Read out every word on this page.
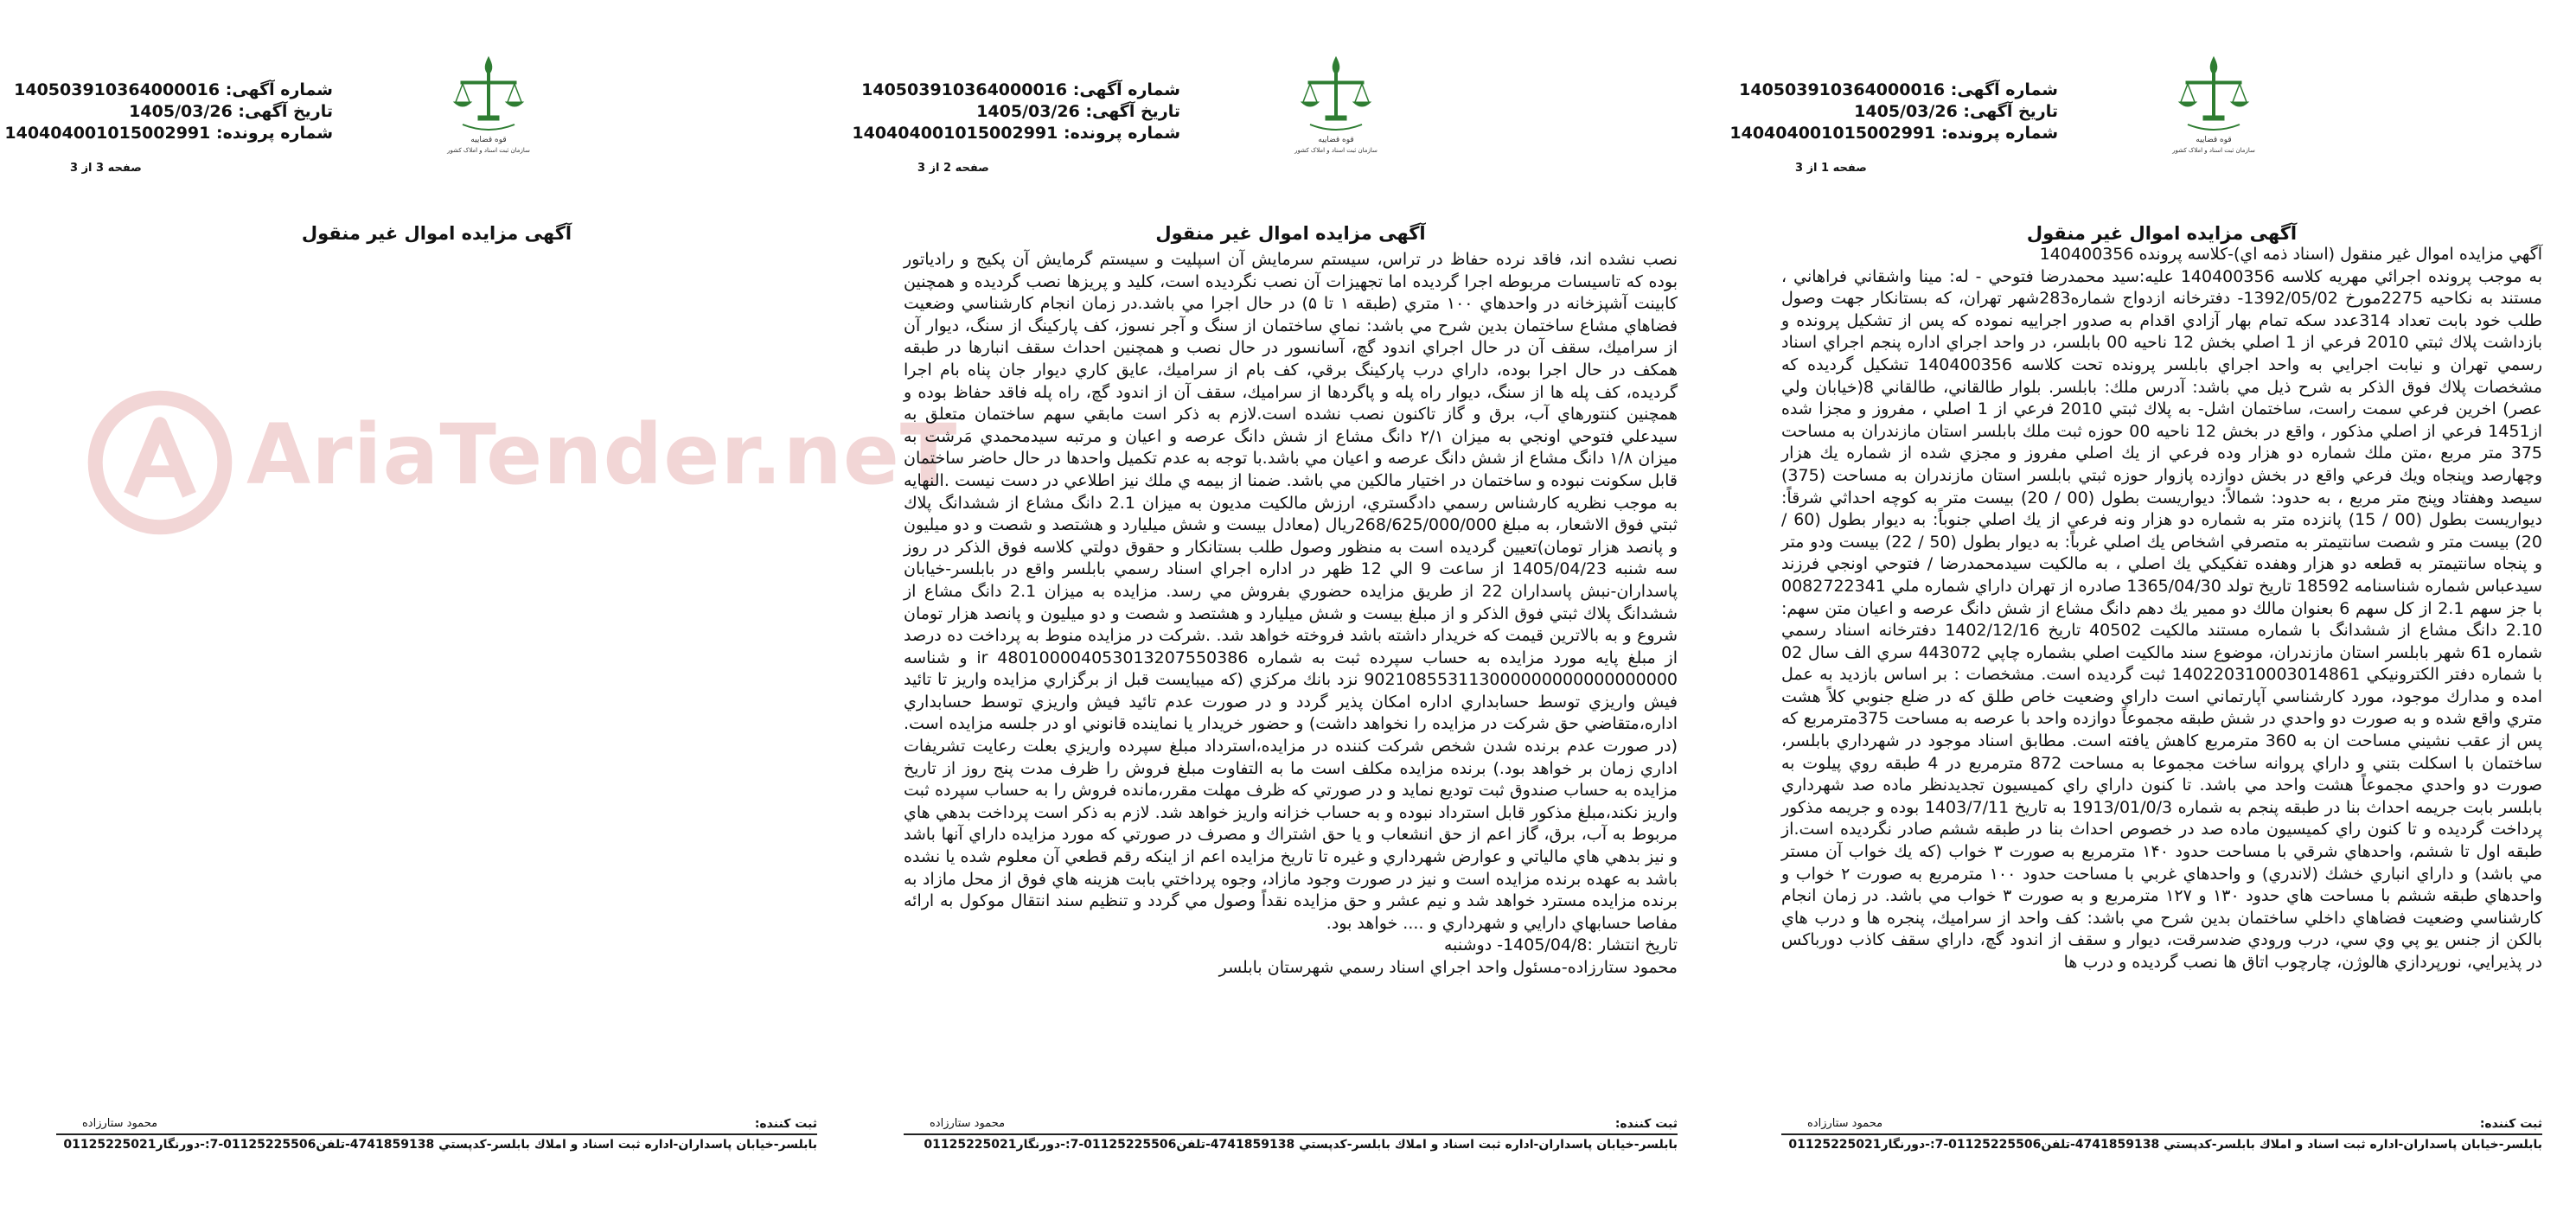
AriaTender.neT
قوه قضاییه
سازمان ثبت اسناد و املاک کشور
شماره آگهی: 140503910364000016
تاریخ آگهی: 1405/03/26
شماره پرونده: 140404001015002991
صفحه 1 از 3
آگهی مزایده اموال غیر منقول
آگهي مزايده اموال غير منقول (اسناد ذمه اي)-كلاسه پرونده 140400356
به موجب پرونده اجرائي مهريه كلاسه 140400356 عليه:سيد محمدرضا فتوحي - له: مينا واشقاني فراهاني ، مستند به نكاحيه 2275مورخ 1392/05/02- دفترخانه ازدواج شماره283شهر تهران، كه بستانكار جهت وصول طلب خود بابت تعداد 314عدد سكه تمام بهار آزادي اقدام به صدور اجراييه نموده كه پس از تشكيل پرونده و بازداشت پلاك ثبتي 2010 فرعي از 1 اصلي بخش 12 ناحيه 00 بابلسر، در واحد اجراي اداره پنجم اجراي اسناد رسمي تهران و نيابت اجرايي به واحد اجراي بابلسر پرونده تحت كلاسه 140400356 تشكيل گرديده كه مشخصات پلاك فوق الذكر به شرح ذيل مي باشد: آدرس ملك: بابلسر. بلوار طالقاني، طالقاني 8(خيابان ولي عصر) اخرين فرعي سمت راست، ساختمان اشل- به پلاك ثبتي 2010 فرعي از 1 اصلي ، مفروز و مجزا شده از1451 فرعي از اصلي مذكور ، واقع در بخش 12 ناحيه 00 حوزه ثبت ملك بابلسر استان مازندران به مساحت 375 متر مربع ،متن ملك شماره دو هزار وده فرعي از يك اصلي مفروز و مجزي شده از شماره يك هزار وچهارصد وپنجاه ويك فرعي واقع در بخش دوازده پازوار حوزه ثبتي بابلسر استان مازندران به مساحت (375) سيصد وهفتاد وپنج متر مربع ، به حدود: شمالاً: ديواريست بطول (00 / 20) بيست متر به كوچه احداثي شرقاً: ديواريست بطول (00 / 15) پانزده متر به شماره دو هزار ونه فرعي از يك اصلي جنوباً: به ديوار بطول (60 / 20) بيست متر و شصت سانتيمتر به متصرفي اشخاص يك اصلي غرباً: به ديوار بطول (50 / 22) بيست ودو متر و پنجاه سانتيمتر به قطعه دو هزار وهفده تفكيكي يك اصلي ، به مالكيت سيدمحمدرضا / فتوحي اونجي فرزند سيدعباس شماره شناسنامه 18592 تاريخ تولد 1365/04/30 صادره از تهران داراي شماره ملي 0082722341 با جز سهم 2.1 از كل سهم 6 بعنوان مالك دو ممير يك دهم دانگ مشاع از شش دانگ عرصه و اعيان متن سهم: 2.10 دانگ مشاع از ششدانگ با شماره مستند مالكيت 40502 تاريخ 1402/12/16 دفترخانه اسناد رسمي شماره 61 شهر بابلسر استان مازندران، موضوع سند مالكيت اصلي بشماره چاپي 443072 سري الف سال 02 با شماره دفتر الكترونيكي 140220310003014861 ثبت گرديده است. مشخصات : بر اساس بازديد به عمل امده و مدارك موجود، مورد كارشناسي آپارتماني است داراي وضعيت خاص طلق كه در ضلع جنوبي كلاً هشت متري واقع شده و به صورت دو واحدي در شش طبقه مجموعاً دوازده واحد با عرصه به مساحت 375مترمربع كه پس از عقب نشيني مساحت ان به 360 مترمربع كاهش يافته است. مطابق اسناد موجود در شهرداري بابلسر، ساختمان با اسكلت بتني و داراي پروانه ساخت مجموعا به مساحت 872 مترمربع در 4 طبقه روي پيلوت به صورت دو واحدي مجموعاً هشت واحد مي باشد. تا كنون داراي راي كميسيون تجديدنظر ماده صد شهرداري بابلسر بابت جريمه احداث بنا در طبقه پنجم به شماره 1913/01/0/3 به تاريخ 1403/7/11 بوده و جريمه مذكور پرداخت گرديده و تا كنون راي كميسيون ماده صد در خصوص احداث بنا در طبقه ششم صادر نگرديده است.از طبقه اول تا ششم، واحدهاي شرقي با مساحت حدود ۱۴۰ مترمربع به صورت ۳ خواب (كه يك خواب آن مستر مي باشد) و داراي انباري خشك (لاندري) و واحدهاي غربي با مساحت حدود ۱۰۰ مترمربع به صورت ۲ خواب و واحدهاي طبقه ششم با مساحت هاي حدود ۱۳۰ و ۱۲۷ مترمربع و به صورت ۳ خواب مي باشد. در زمان انجام كارشناسي وضعيت فضاهاي داخلي ساختمان بدين شرح مي باشد: كف واحد از سراميك، پنجره ها و درب هاي بالكن از جنس يو پي وي سي، درب ورودي ضدسرقت، ديوار و سقف از اندود گچ، داراي سقف كاذب دورباكس در پذيرايي، نورپردازي هالوژن، چارچوب اتاق ها نصب گرديده و درب ها
ثبت کننده:
محمود ستارزاده
بابلسر-خيابان پاسداران-اداره ثبت اسناد و املاك بابلسر-كدپستي 4741859138-تلفن01125225506-7:-دورنگار01125225021
قوه قضاییه
سازمان ثبت اسناد و املاک کشور
شماره آگهی: 140503910364000016
تاریخ آگهی: 1405/03/26
شماره پرونده: 140404001015002991
صفحه 2 از 3
آگهی مزایده اموال غیر منقول
نصب نشده اند، فاقد نرده حفاظ در تراس، سيستم سرمايش آن اسپليت و سيستم گرمايش آن پكيج و رادياتور بوده كه تاسيسات مربوطه اجرا گرديده اما تجهيزات آن نصب نگرديده است، كليد و پريزها نصب گرديده و همچنين كابينت آشپزخانه در واحدهاي ۱۰۰ متري (طبقه ۱ تا ۵) در حال اجرا مي باشد.در زمان انجام كارشناسي وضعيت فضاهاي مشاع ساختمان بدين شرح مي باشد: نماي ساختمان از سنگ و آجر نسوز، كف پاركينگ از سنگ، ديوار آن از سراميك، سقف آن در حال اجراي اندود گچ، آسانسور در حال نصب و همچنين احداث سقف انبارها در طبقه همكف در حال اجرا بوده، داراي درب پاركينگ برقي، كف بام از سراميك، عايق كاري ديوار جان پناه بام اجرا گرديده، كف پله ها از سنگ، ديوار راه پله و پاگردها از سراميك، سقف آن از اندود گچ، راه پله فاقد حفاظ بوده و همچنين كنتورهاي آب، برق و گاز تاكنون نصب نشده است.لازم به ذكر است مابقي سهم ساختمان متعلق به سيدعلي فتوحي اونجي به ميزان ۲/۱ دانگ مشاع از شش دانگ عرصه و اعيان و مرتبه سيدمحمدي مَرشت به ميزان ۱/۸ دانگ مشاع از شش دانگ عرصه و اعيان مي باشد.با توجه به عدم تكميل واحدها در حال حاضر ساختمان قابل سكونت نبوده و ساختمان در اختيار مالكين مي باشد. ضمنا از بيمه ي ملك نيز اطلاعي در دست نيست .النهايه به موجب نظريه كارشناس رسمي دادگستري، ارزش مالكيت مديون به ميزان 2.1 دانگ مشاع از ششدانگ پلاك ثبتي فوق الاشعار، به مبلغ 268/625/000/000ريال (معادل بيست و شش ميليارد و هشتصد و شصت و دو ميليون و پانصد هزار تومان)تعيين گرديده است به منظور وصول طلب بستانكار و حقوق دولتي كلاسه فوق الذكر در روز سه شنبه 1405/04/23 از ساعت 9 الي 12 ظهر در اداره اجراي اسناد رسمي بابلسر واقع در بابلسر-خيابان پاسداران-نبش پاسداران 22 از طريق مزايده حضوري بفروش مي رسد. مزايده به ميزان 2.1 دانگ مشاع از ششدانگ پلاك ثبتي فوق الذكر و از مبلغ بيست و شش ميليارد و هشتصد و شصت و دو ميليون و پانصد هزار تومان شروع و به بالاترين قيمت كه خريدار داشته باشد فروخته خواهد شد. .شركت در مزايده منوط به پرداخت ده درصد از مبلغ پايه مورد مزايده به حساب سپرده ثبت به شماره ir 480100004053013207550386 و شناسه 902108553113000000000000000000 نزد بانك مركزي (كه ميبايست قبل از برگزاري مزايده واريز تا تائيد فيش واريزي توسط حسابداري اداره امكان پذير گردد و در صورت عدم تائيد فيش واريزي توسط حسابداري اداره،متقاضي حق شركت در مزايده را نخواهد داشت) و حضور خريدار يا نماينده قانوني او در جلسه مزايده است.(در صورت عدم برنده شدن شخص شركت كننده در مزايده،استرداد مبلغ سپرده واريزي بعلت رعايت تشريفات اداري زمان بر خواهد بود.) برنده مزايده مكلف است ما به التفاوت مبلغ فروش را ظرف مدت پنج روز از تاريخ مزايده به حساب صندوق ثبت توديع نمايد و در صورتي كه ظرف مهلت مقرر،مانده فروش را به حساب سپرده ثبت واريز نكند،مبلغ مذكور قابل استرداد نبوده و به حساب خزانه واريز خواهد شد. لازم به ذكر است پرداخت بدهي هاي مربوط به آب، برق، گاز اعم از حق انشعاب و يا حق اشتراك و مصرف در صورتي كه مورد مزايده داراي آنها باشد و نيز بدهي هاي مالياتي و عوارض شهرداري و غيره تا تاريخ مزايده اعم از اينكه رقم قطعي آن معلوم شده يا نشده باشد به عهده برنده مزايده است و نيز در صورت وجود مازاد، وجوه پرداختي بابت هزينه هاي فوق از محل مازاد به برنده مزايده مسترد خواهد شد و نيم عشر و حق مزايده نقداً وصول مي گردد و تنظيم سند انتقال موكول به ارائه مفاصا حسابهاي دارايي و شهرداري و .... خواهد بود.
تاريخ انتشار :1405/04/8- دوشنبه
محمود ستارزاده-مسئول واحد اجراي اسناد رسمي شهرستان بابلسر
ثبت کننده:
محمود ستارزاده
بابلسر-خيابان پاسداران-اداره ثبت اسناد و املاك بابلسر-كدپستي 4741859138-تلفن01125225506-7:-دورنگار01125225021
قوه قضاییه
سازمان ثبت اسناد و املاک کشور
شماره آگهی: 140503910364000016
تاریخ آگهی: 1405/03/26
شماره پرونده: 140404001015002991
صفحه 3 از 3
آگهی مزایده اموال غیر منقول
ثبت کننده:
محمود ستارزاده
بابلسر-خيابان پاسداران-اداره ثبت اسناد و املاك بابلسر-كدپستي 4741859138-تلفن01125225506-7:-دورنگار01125225021
